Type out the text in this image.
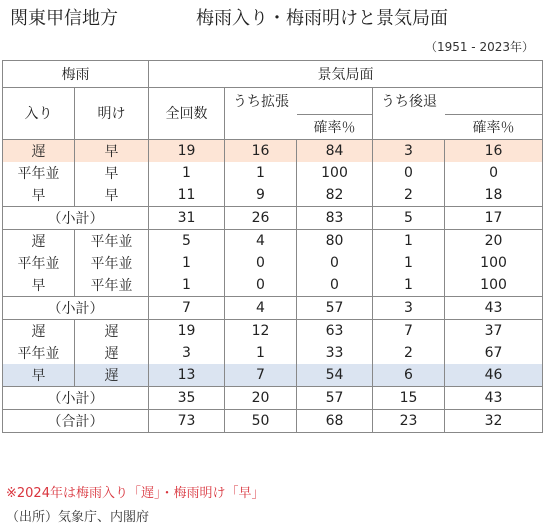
関東甲信地方	梅雨入り・梅雨明けと景気局面
（1951 - 2023年）
梅雨		景気局面				
入り	明け	全回数	うち拡張		うち後退	
				確率％		確率％
遅	早	19	16	84	3	16
平年並	早	1	1	100	0	0
早	早	11	9	82	2	18
（小計）		31	26	83	5	17
遅	平年並	5	4	80	1	20
平年並	平年並	1	0	0	1	100
早	平年並	1	0	0	1	100
（小計）		7	4	57	3	43
遅	遅	19	12	63	7	37
平年並	遅	3	1	33	2	67
早	遅	13	7	54	6	46
（小計）		35	20	57	15	43
（合計）		73	50	68	23	32
※2024年は梅雨入り「遅」・梅雨明け「早」
（出所）気象庁、内閣府
